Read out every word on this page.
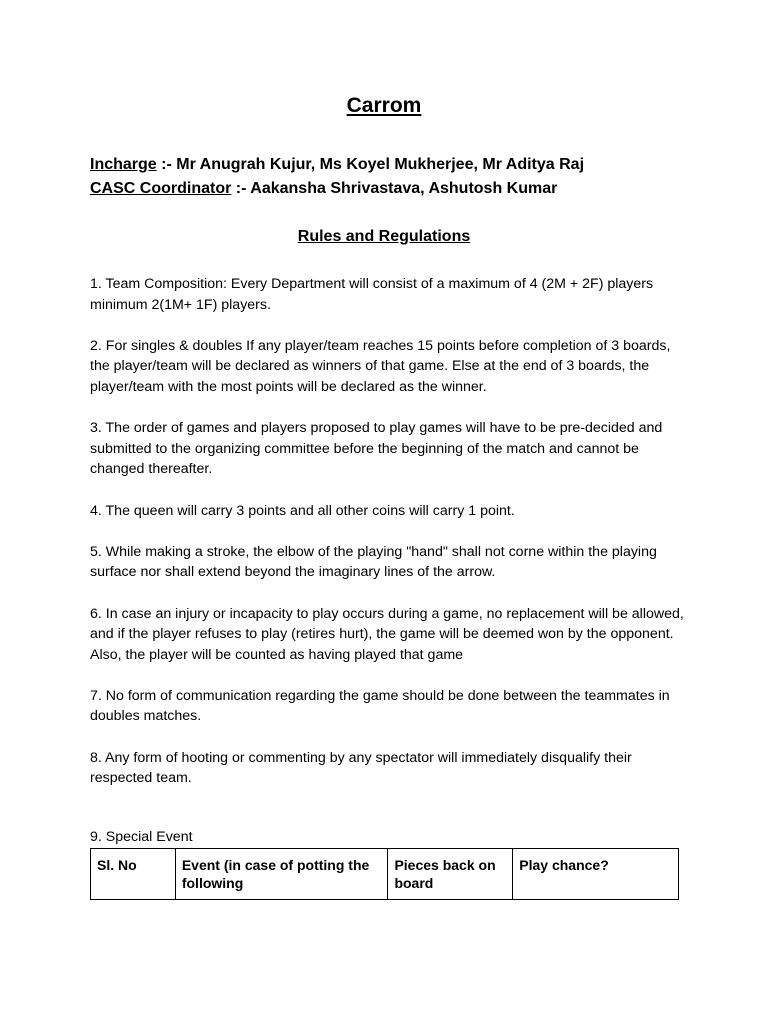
Carrom
Incharge :- Mr Anugrah Kujur, Ms Koyel Mukherjee, Mr Aditya Raj
CASC Coordinator :- Aakansha Shrivastava, Ashutosh Kumar
Rules and Regulations

1. Team Composition: Every Department will consist of a maximum of 4 (2M + 2F) players minimum 2(1M+ 1F) players.

2. For singles & doubles If any player/team reaches 15 points before completion of 3 boards, the player/team will be declared as winners of that game. Else at the end of 3 boards, the player/team with the most points will be declared as the winner.

3. The order of games and players proposed to play games will have to be pre-decided and submitted to the organizing committee before the beginning of the match and cannot be changed thereafter.

4. The queen will carry 3 points and all other coins will carry 1 point.

5. While making a stroke, the elbow of the playing "hand" shall not corne within the playing surface nor shall extend beyond the imaginary lines of the arrow.

6. In case an injury or incapacity to play occurs during a game, no replacement will be allowed, and if the player refuses to play (retires hurt), the game will be deemed won by the opponent. Also, the player will be counted as having played that game

7. No form of communication regarding the game should be done between the teammates in doubles matches.

8. Any form of hooting or commenting by any spectator will immediately disqualify their respected team.

9. Special Event
Sl. No	Event (in case of potting the following	Pieces back on board	Play chance?
